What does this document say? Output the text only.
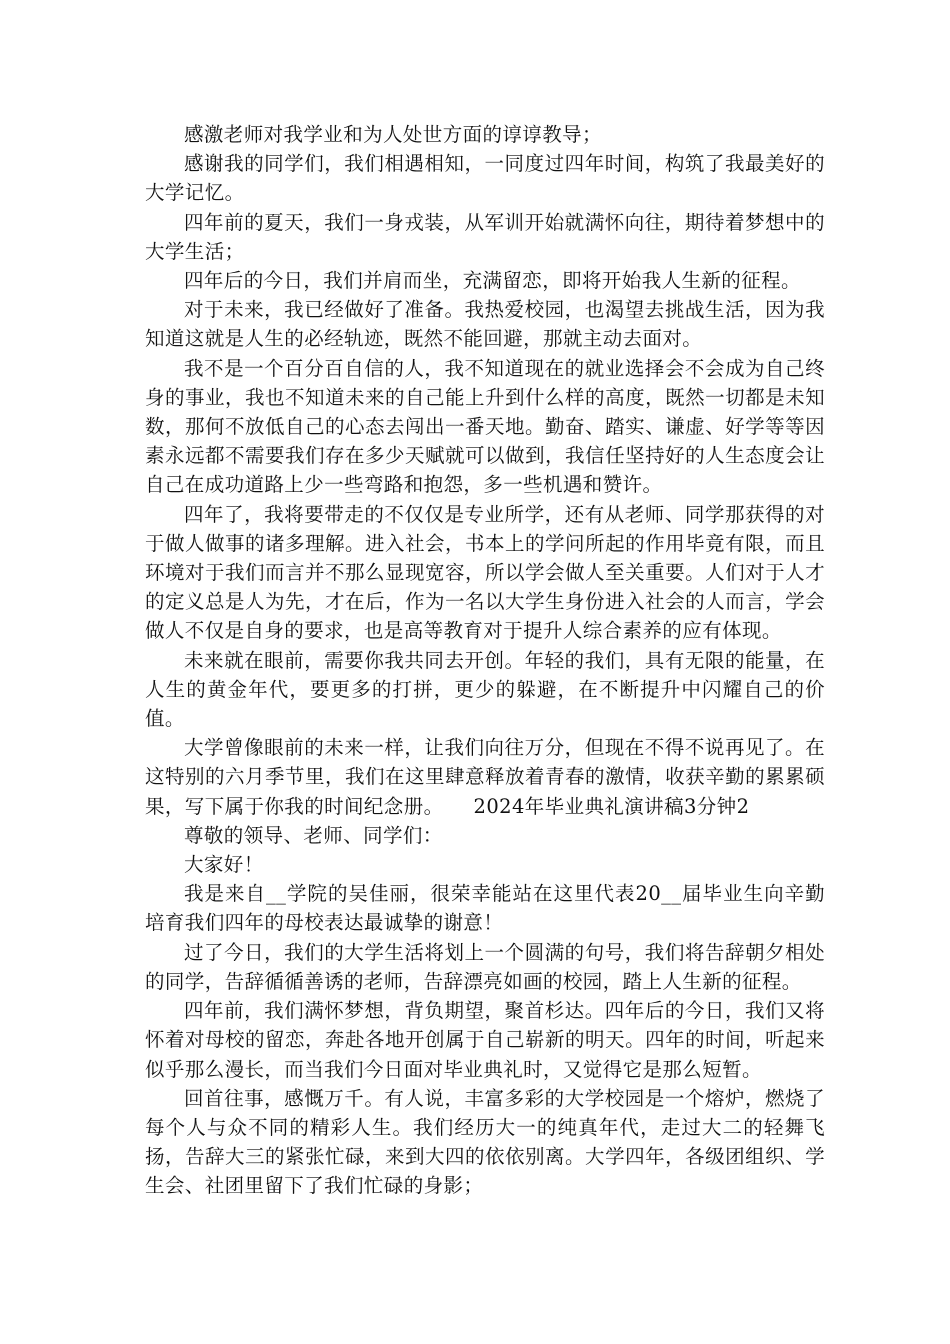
感激老师对我学业和为人处世方面的谆谆教导；

感谢我的同学们，我们相遇相知，一同度过四年时间，构筑了我最美好的大学记忆。

四年前的夏天，我们一身戎装，从军训开始就满怀向往，期待着梦想中的大学生活；

四年后的今日，我们并肩而坐，充满留恋，即将开始我人生新的征程。

对于未来，我已经做好了准备。我热爱校园，也渴望去挑战生活，因为我知道这就是人生的必经轨迹，既然不能回避，那就主动去面对。

我不是一个百分百自信的人，我不知道现在的就业选择会不会成为自己终身的事业，我也不知道未来的自己能上升到什么样的高度，既然一切都是未知数，那何不放低自己的心态去闯出一番天地。勤奋、踏实、谦虚、好学等等因素永远都不需要我们存在多少天赋就可以做到，我信任坚持好的人生态度会让自己在成功道路上少一些弯路和抱怨，多一些机遇和赞许。

四年了，我将要带走的不仅仅是专业所学，还有从老师、同学那获得的对于做人做事的诸多理解。进入社会，书本上的学问所起的作用毕竟有限，而且环境对于我们而言并不那么显现宽容，所以学会做人至关重要。人们对于人才的定义总是人为先，才在后，作为一名以大学生身份进入社会的人而言，学会做人不仅是自身的要求，也是高等教育对于提升人综合素养的应有体现。

未来就在眼前，需要你我共同去开创。年轻的我们，具有无限的能量，在人生的黄金年代，要更多的打拼，更少的躲避，在不断提升中闪耀自己的价值。

大学曾像眼前的未来一样，让我们向往万分，但现在不得不说再见了。在这特别的六月季节里，我们在这里肆意释放着青春的激情，收获辛勤的累累硕果，写下属于你我的时间纪念册。　　2024年毕业典礼演讲稿3分钟2

尊敬的领导、老师、同学们：

大家好！

我是来自__学院的吴佳丽，很荣幸能站在这里代表20__届毕业生向辛勤培育我们四年的母校表达最诚挚的谢意！

过了今日，我们的大学生活将划上一个圆满的句号，我们将告辞朝夕相处的同学，告辞循循善诱的老师，告辞漂亮如画的校园，踏上人生新的征程。

四年前，我们满怀梦想，背负期望，聚首杉达。四年后的今日，我们又将怀着对母校的留恋，奔赴各地开创属于自己崭新的明天。四年的时间，听起来似乎那么漫长，而当我们今日面对毕业典礼时，又觉得它是那么短暂。

回首往事，感慨万千。有人说，丰富多彩的大学校园是一个熔炉，燃烧了每个人与众不同的精彩人生。我们经历大一的纯真年代，走过大二的轻舞飞扬，告辞大三的紧张忙碌，来到大四的依依别离。大学四年，各级团组织、学生会、社团里留下了我们忙碌的身影；
